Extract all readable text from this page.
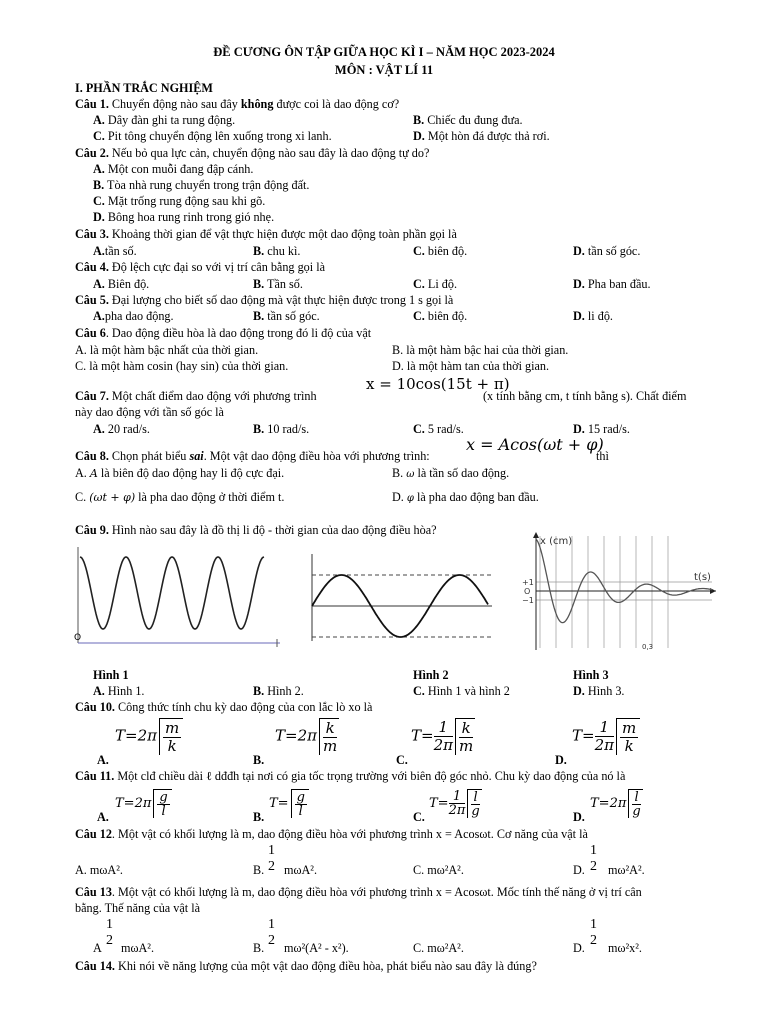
ĐỀ CƯƠNG ÔN TẬP GIỮA HỌC KÌ I – NĂM HỌC 2023-2024
MÔN : VẬT LÍ 11
I. PHẦN TRẮC NGHIỆM
Câu 1. Chuyển động nào sau đây không được coi là dao động cơ?
A. Dây đàn ghi ta rung động.	B. Chiếc đu đung đưa.
C. Pit tông chuyển động lên xuống trong xi lanh.	D. Một hòn đá được thả rơi.
Câu 2. Nếu bỏ qua lực cản, chuyển động nào sau đây là dao động tự do?
A. Một con muỗi đang đập cánh.
B. Tòa nhà rung chuyển trong trận động đất.
C. Mặt trống rung động sau khi gõ.
D. Bông hoa rung rinh trong gió nhẹ.
Câu 3. Khoảng thời gian để vật thực hiện được một dao động toàn phần gọi là
A.tần số.	B. chu kì.	C. biên độ.	D. tần số góc.
Câu 4. Độ lệch cực đại so với vị trí cân bằng gọi là
A. Biên độ.	B. Tần số.	C. Li độ.	D. Pha ban đầu.
Câu 5. Đại lượng cho biết số dao động mà vật thực hiện được trong 1 s gọi là
A.pha dao động.	B. tần số góc.	C. biên độ.	D. li độ.
Câu 6. Dao động điều hòa là dao động trong đó li độ của vật
A. là một hàm bậc nhất của thời gian.	B. là một hàm bậc hai của thời gian.
C. là một hàm cosin (hay sin) của thời gian.	D. là một hàm tan của thời gian.
Câu 7. Một chất điểm dao động với phương trình
x = 10cos(15t + π)
(x tính bằng cm, t tính bằng s). Chất điểm
này dao động với tần số góc là
A. 20 rad/s.	B. 10 rad/s.	C. 5 rad/s.	D. 15 rad/s.
Câu 8. Chọn phát biểu sai. Một vật dao động điều hòa với phương trình:
x = Acos(ωt + φ)
thì
A. A là biên độ dao động hay li độ cực đại.	B. ω là tần số dao động.
C. (ωt + φ) là pha dao động ở thời điểm t.	D. φ là pha dao động ban đầu.
Câu 9. Hình nào sau đây là đồ thị li độ - thời gian của dao động điều hòa?
O
x (cm)
t(s)
+1
O
−1
0,3
Hình 1	Hình 2	Hình 3
A. Hình 1.	B. Hình 2.	C. Hình 1 và hình 2	D. Hình 3.
Câu 10. Công thức tính chu kỳ dao động của con lắc lò xo là
$T=2\pi \frac{m}{k}$	$T=2\pi \frac{k}{m}$	$T= \frac{1}{2\pi} \frac{k}{m}$	$T= \frac{1}{2\pi} \frac{m}{k}$
A.	B.	C.	D.
Câu 11. Một clđ chiều dài ℓ dđđh tại nơi có gia tốc trọng trường với biên độ góc nhỏ. Chu kỳ dao động của nó là
$T=2\pi \frac{g}{l}$	$T= \frac{g}{l}$	$T= \frac{1}{2\pi} \frac{l}{g}$	$T=2\pi \frac{l}{g}$
A.	B.	C.	D.
Câu 12. Một vật có khối lượng là m, dao động điều hòa với phương trình x = Acosωt. Cơ năng của vật là
1
2
1
2
A. mωA².	B. mωA².	C. mω²A².	D. mω²A².
Câu 13. Một vật có khối lượng là m, dao động điều hòa với phương trình x = Acosωt. Mốc tính thế năng ở vị trí cân
bằng. Thế năng của vật là
1
2
1
2
1
2
A mωA².	B. mω²(A² - x²).	C. mω²A².	D. mω²x².
Câu 14. Khi nói về năng lượng của một vật dao động điều hòa, phát biểu nào sau đây là đúng?
